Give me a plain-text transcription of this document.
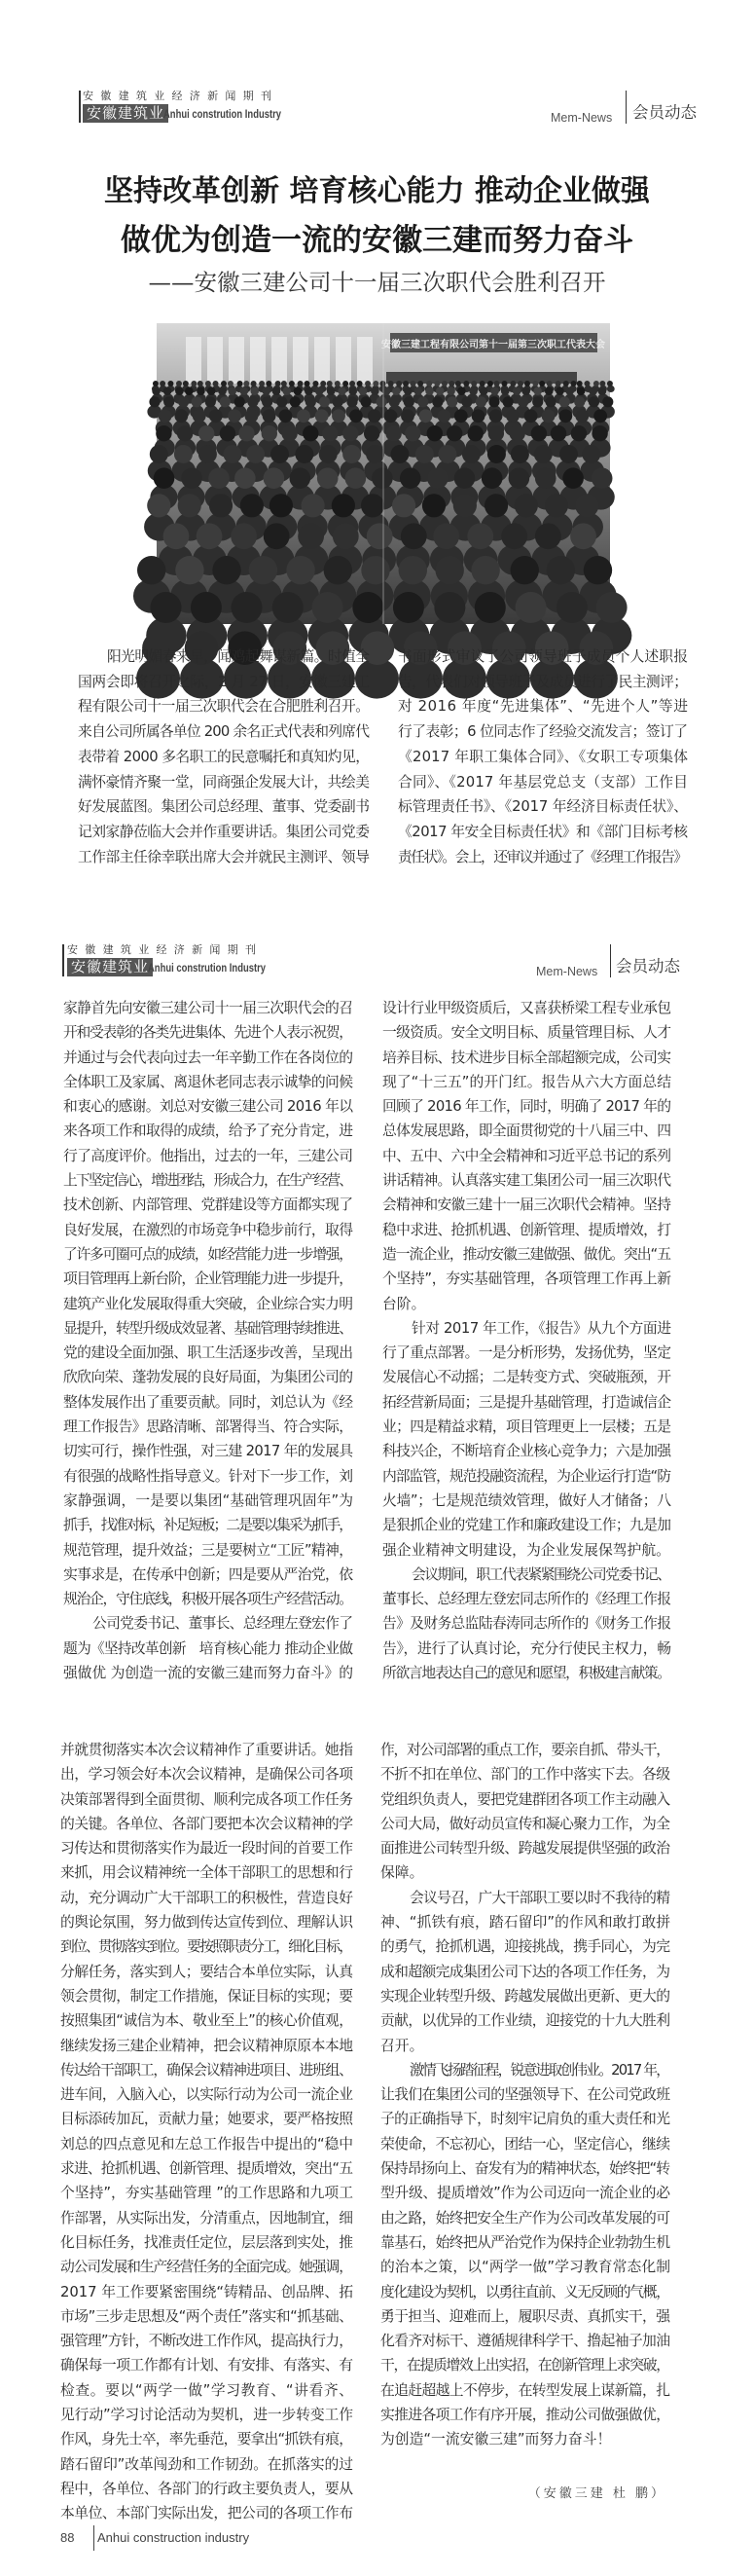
安徽建筑业经济新闻期刊
安徽建筑业
Anhui constrution Industry	Mem-News 会员动态
坚持改革创新 培育核心能力 推动企业做强
做优为创造一流的安徽三建而努力奋斗
——安徽三建公司十一届三次职代会胜利召开
安徽三建工程有限公司第十一届第三次职工代表大会
阳光明媚春来早，闻鸡起舞谋新篇。时值全
国两会即将召开之际，2 月 27 日，安徽三建工
程有限公司十一届三次职代会在合肥胜利召开。
来自公司所属各单位 200 余名正式代表和列席代
表带着 2000 多名职工的民意嘱托和真知灼见，
满怀豪情齐聚一堂，同商强企发展大计，共绘美
好发展蓝图。集团公司总经理、董事、党委副书
记刘家静莅临大会并作重要讲话。集团公司党委
工作部主任徐幸联出席大会并就民主测评、领导
书面形式审议了公司领导班子成员个人述职报
告，代表们对领导班子及成员进行了民主测评；
对 2016 年度“先进集体”、“先进个人”等进
行了表彰；6 位同志作了经验交流发言；签订了
《2017 年职工集体合同》、《女职工专项集体
合同》、《2017 年基层党总支（支部）工作目
标管理责任书》、《2017 年经济目标责任状》、
《2017 年安全目标责任状》和《部门目标考核
责任状》。会上，还审议并通过了《经理工作报告》
安徽建筑业经济新闻期刊
安徽建筑业
Anhui constrution Industry	Mem-News 会员动态
家静首先向安徽三建公司十一届三次职代会的召
开和受表彰的各类先进集体、先进个人表示祝贺，
并通过与会代表向过去一年辛勤工作在各岗位的
全体职工及家属、离退休老同志表示诚挚的问候
和衷心的感谢。刘总对安徽三建公司 2016 年以
来各项工作和取得的成绩，给予了充分肯定，进
行了高度评价。他指出，过去的一年，三建公司
上下坚定信心，增进团结，形成合力，在生产经营、
技术创新、内部管理、党群建设等方面都实现了
良好发展，在激烈的市场竞争中稳步前行，取得
了许多可圈可点的成绩，如经营能力进一步增强，
项目管理再上新台阶，企业管理能力进一步提升，
建筑产业化发展取得重大突破，企业综合实力明
显提升，转型升级成效显著、基础管理持续推进、
党的建设全面加强、职工生活逐步改善，呈现出
欣欣向荣、蓬勃发展的良好局面，为集团公司的
整体发展作出了重要贡献。同时，刘总认为《经
理工作报告》思路清晰、部署得当、符合实际，
切实可行，操作性强，对三建 2017 年的发展具
有很强的战略性指导意义。针对下一步工作，刘
家静强调，一是要以集团“基础管理巩固年”为
抓手，找准对标，补足短板；二是要以集采为抓手，
规范管理，提升效益；三是要树立“工匠”精神，
实事求是，在传承中创新；四是要从严治党，依
规治企，守住底线，积极开展各项生产经营活动。
公司党委书记、董事长、总经理左登宏作了
题为《坚持改革创新　培育核心能力 推动企业做
强做优 为创造一流的安徽三建而努力奋斗》的
设计行业甲级资质后，又喜获桥梁工程专业承包
一级资质。安全文明目标、质量管理目标、人才
培养目标、技术进步目标全部超额完成，公司实
现了“十三五”的开门红。报告从六大方面总结
回顾了 2016 年工作，同时，明确了 2017 年的
总体发展思路，即全面贯彻党的十八届三中、四
中、五中、六中全会精神和习近平总书记的系列
讲话精神。认真落实建工集团公司一届三次职代
会精神和安徽三建十一届三次职代会精神。坚持
稳中求进、抢抓机遇、创新管理、提质增效，打
造一流企业，推动安徽三建做强、做优。突出“五
个坚持”，夯实基础管理，各项管理工作再上新
台阶。
针对 2017 年工作，《报告》从九个方面进
行了重点部署。一是分析形势，发扬优势，坚定
发展信心不动摇；二是转变方式、突破瓶颈，开
拓经营新局面；三是提升基础管理，打造诚信企
业；四是精益求精，项目管理更上一层楼；五是
科技兴企，不断培育企业核心竞争力；六是加强
内部监管，规范投融资流程，为企业运行打造“防
火墙”；七是规范绩效管理，做好人才储备；八
是狠抓企业的党建工作和廉政建设工作；九是加
强企业精神文明建设，为企业发展保驾护航。
会议期间，职工代表紧紧围绕公司党委书记、
董事长、总经理左登宏同志所作的《经理工作报
告》及财务总监陆春涛同志所作的《财务工作报
告》，进行了认真讨论，充分行使民主权力，畅
所欲言地表达自己的意见和愿望，积极建言献策。
并就贯彻落实本次会议精神作了重要讲话。她指
出，学习领会好本次会议精神，是确保公司各项
决策部署得到全面贯彻、顺利完成各项工作任务
的关键。各单位、各部门要把本次会议精神的学
习传达和贯彻落实作为最近一段时间的首要工作
来抓，用会议精神统一全体干部职工的思想和行
动，充分调动广大干部职工的积极性，营造良好
的舆论氛围，努力做到传达宣传到位、理解认识
到位、贯彻落实到位。要按照职责分工，细化目标，
分解任务，落实到人；要结合本单位实际，认真
领会贯彻，制定工作措施，保证目标的实现；要
按照集团“诚信为本、敬业至上”的核心价值观，
继续发扬三建企业精神，把会议精神原原本本地
传达给干部职工，确保会议精神进项目、进班组、
进车间，入脑入心，以实际行动为公司一流企业
目标添砖加瓦，贡献力量；她要求，要严格按照
刘总的四点意见和左总工作报告中提出的“稳中
求进、抢抓机遇、创新管理、提质增效，突出“五
个坚持”，夯实基础管理 ”的工作思路和九项工
作部署，从实际出发，分清重点，因地制宜，细
化目标任务，找准责任定位，层层落到实处，推
动公司发展和生产经营任务的全面完成。她强调，
2017 年工作要紧密围绕“铸精品、创品牌、拓
市场”三步走思想及“两个责任”落实和“抓基础、
强管理”方针，不断改进工作作风，提高执行力，
确保每一项工作都有计划、有安排、有落实、有
检查。要以“两学一做”学习教育、“讲看齐、
见行动”学习讨论活动为契机，进一步转变工作
作风，身先士卒，率先垂范，要拿出“抓铁有痕，
踏石留印”改革闯劲和工作韧劲。在抓落实的过
程中，各单位、各部门的行政主要负责人，要从
本单位、本部门实际出发，把公司的各项工作布
作，对公司部署的重点工作，要亲自抓、带头干，
不折不扣在单位、部门的工作中落实下去。各级
党组织负责人，要把党建群团各项工作主动融入
公司大局，做好动员宣传和凝心聚力工作，为全
面推进公司转型升级、跨越发展提供坚强的政治
保障。
会议号召，广大干部职工要以时不我待的精
神、“抓铁有痕，踏石留印”的作风和敢打敢拼
的勇气，抢抓机遇，迎接挑战，携手同心，为完
成和超额完成集团公司下达的各项工作任务，为
实现企业转型升级、跨越发展做出更新、更大的
贡献，以优异的工作业绩，迎接党的十九大胜利
召开。
激情飞扬踏征程，锐意进取创伟业。2017 年，
让我们在集团公司的坚强领导下、在公司党政班
子的正确指导下，时刻牢记肩负的重大责任和光
荣使命，不忘初心，团结一心，坚定信心，继续
保持昂扬向上、奋发有为的精神状态，始终把“转
型升级、提质增效”作为公司迈向一流企业的必
由之路，始终把安全生产作为公司改革发展的可
靠基石，始终把从严治党作为保持企业勃勃生机
的治本之策，以“两学一做”学习教育常态化制
度化建设为契机，以勇往直前、义无反顾的气概，
勇于担当、迎难而上，履职尽责、真抓实干，强
化看齐对标干、遵循规律科学干、撸起袖子加油
干，在提质增效上出实招，在创新管理上求突破，
在追赶超越上不停步，在转型发展上谋新篇，扎
实推进各项工作有序开展，推动公司做强做优，
为创造“一流安徽三建”而努力奋斗！
（安徽三建 杜 鹏）
88 Anhui construction industry
